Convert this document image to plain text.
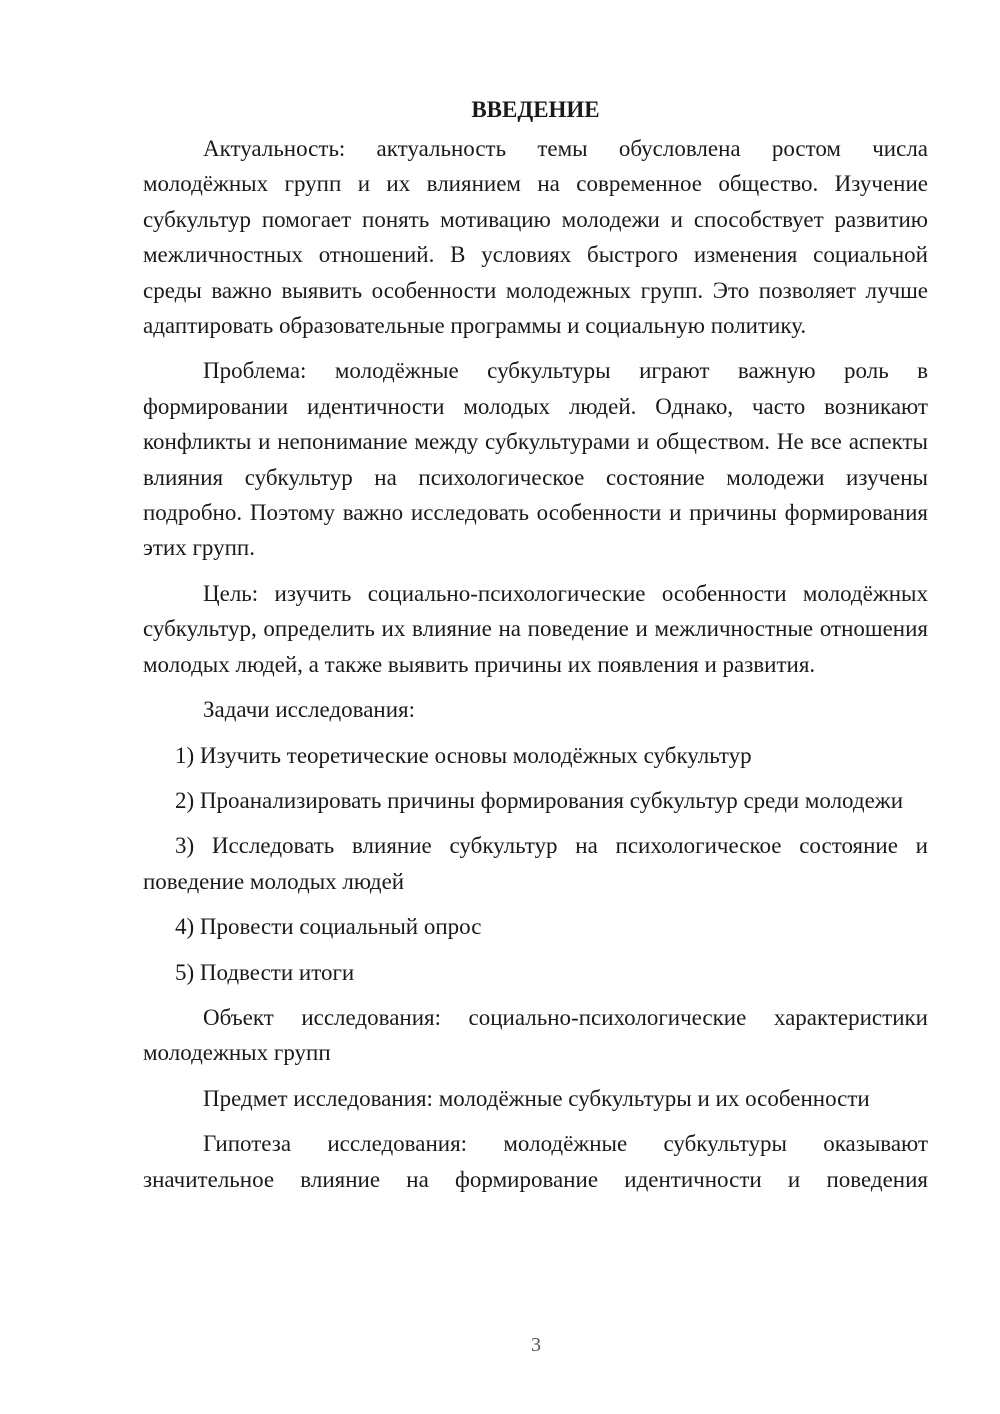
ВВЕДЕНИЕ

Актуальность: актуальность темы обусловлена ростом числа молодёжных групп и их влиянием на современное общество. Изучение субкультур помогает понять мотивацию молодежи и способствует развитию межличностных отношений. В условиях быстрого изменения социальной среды важно выявить особенности молодежных групп. Это позволяет лучше адаптировать образовательные программы и социальную политику.

Проблема: молодёжные субкультуры играют важную роль в формировании идентичности молодых людей. Однако, часто возникают конфликты и непонимание между субкультурами и обществом. Не все аспекты влияния субкультур на психологическое состояние молодежи изучены подробно. Поэтому важно исследовать особенности и причины формирования этих групп.

Цель: изучить социально-психологические особенности молодёжных субкультур, определить их влияние на поведение и межличностные отношения молодых людей, а также выявить причины их появления и развития.

Задачи исследования:

1) Изучить теоретические основы молодёжных субкультур

2) Проанализировать причины формирования субкультур среди молодежи

3) Исследовать влияние субкультур на психологическое состояние и поведение молодых людей

4) Провести социальный опрос

5) Подвести итоги

Объект исследования: социально-психологические характеристики молодежных групп

Предмет исследования: молодёжные субкультуры и их особенности

Гипотеза исследования: молодёжные субкультуры оказывают значительное влияние на формирование идентичности и поведения

3
